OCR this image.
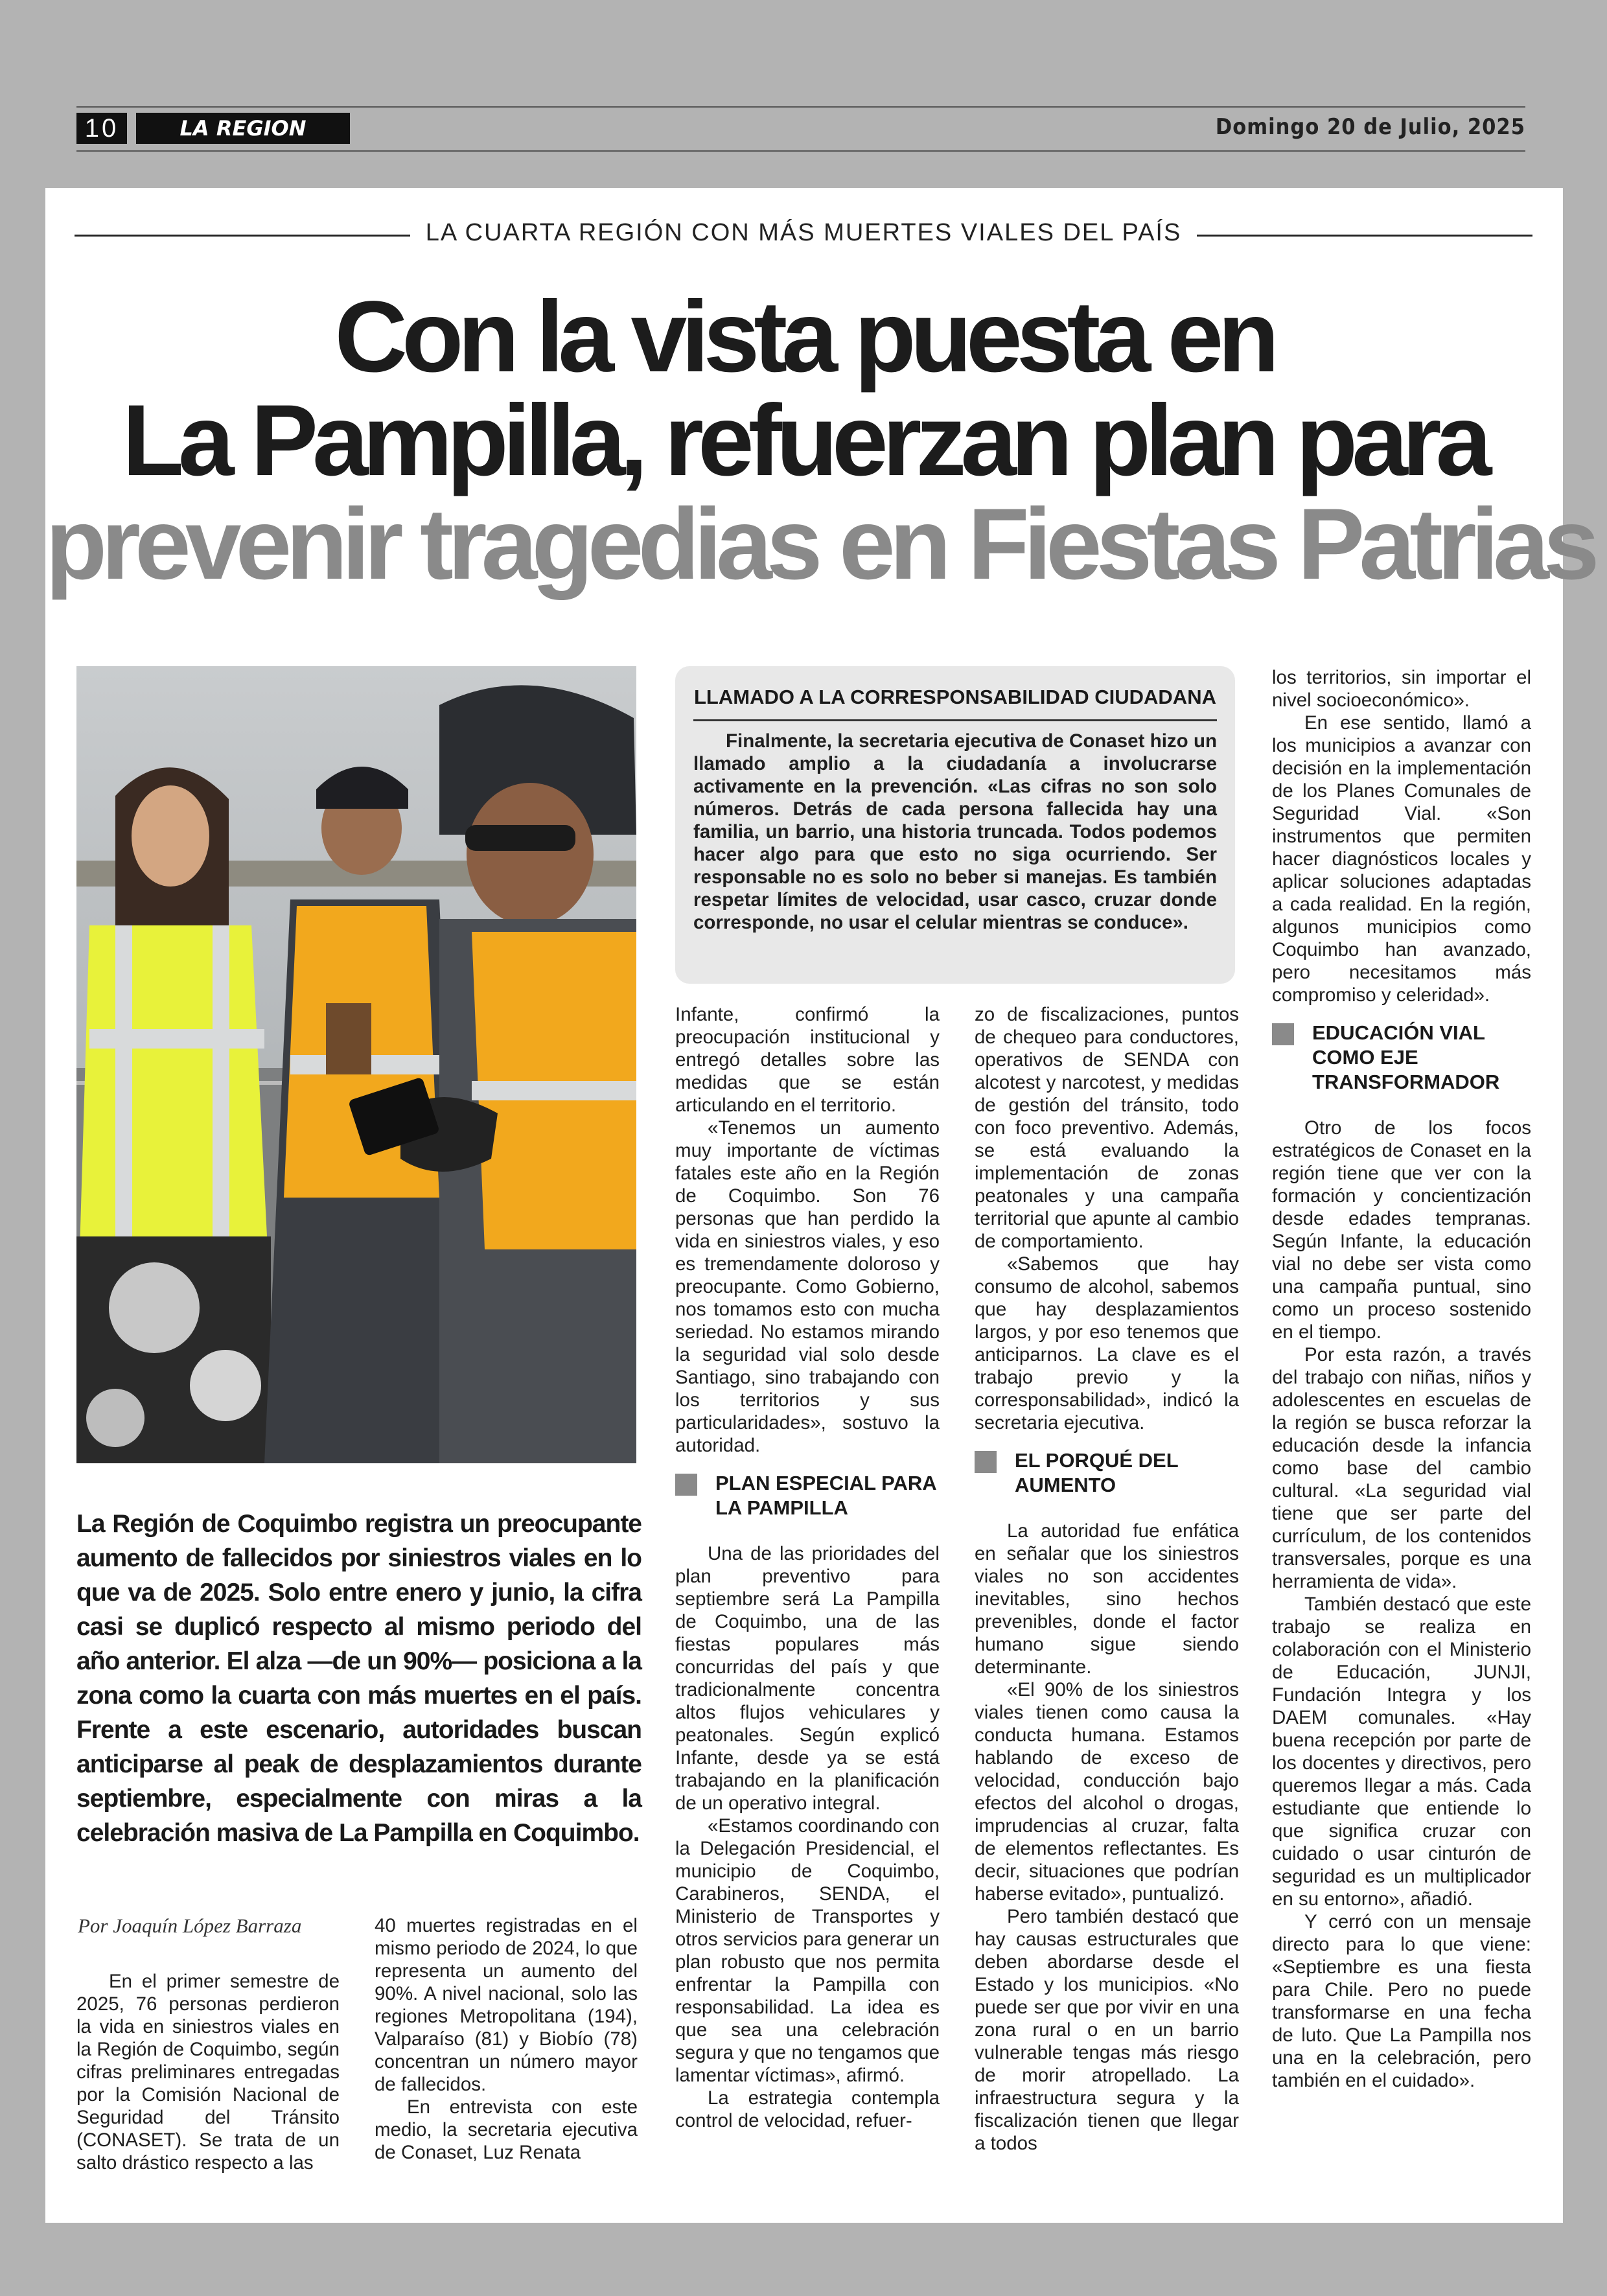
10	LA REGION	Domingo 20 de Julio, 2025
LA CUARTA REGIÓN CON MÁS MUERTES VIALES DEL PAÍS
Con la vista puesta en
La Pampilla, refuerzan plan para
prevenir tragedias en Fiestas Patrias
La Región de Coquimbo registra un preocupante aumento de fallecidos por siniestros viales en lo que va de 2025. Solo entre enero y junio, la cifra casi se duplicó respecto al mismo periodo del año anterior. El alza —de un 90%— posiciona a la zona como la cuarta con más muertes en el país. Frente a este escenario, autoridades buscan anticiparse al peak de desplazamientos durante septiembre, especialmente con miras a la celebración masiva de La Pampilla en Coquimbo.
Por Joaquín López Barraza

En el primer semestre de 2025, 76 personas perdieron la vida en siniestros viales en la Región de Coquimbo, según cifras preliminares entregadas por la Comisión Nacional de Seguridad del Tránsito (CONASET). Se trata de un salto drástico respecto a las

40 muertes registradas en el mismo periodo de 2024, lo que representa un aumento del 90%. A nivel nacional, solo las regiones Metropolitana (194), Valparaíso (81) y Biobío (78) concentran un número mayor de fallecidos.

En entrevista con este medio, la secretaria ejecutiva de Conaset, Luz Renata

LLAMADO A LA CORRESPONSABILIDAD CIUDADANA
Finalmente, la secretaria ejecutiva de Conaset hizo un llamado amplio a la ciudadanía a involucrarse activamente en la prevención. «Las cifras no son solo números. Detrás de cada persona fallecida hay una familia, un barrio, una historia truncada. Todos podemos hacer algo para que esto no siga ocurriendo. Ser responsable no es solo no beber si manejas. Es también respetar límites de velocidad, usar casco, cruzar donde corresponde, no usar el celular mientras se conduce».

Infante, confirmó la preocupación institucional y entregó detalles sobre las medidas que se están articulando en el territorio.

«Tenemos un aumento muy importante de víctimas fatales este año en la Región de Coquimbo. Son 76 personas que han perdido la vida en siniestros viales, y eso es tremendamente doloroso y preocupante. Como Gobierno, nos tomamos esto con mucha seriedad. No estamos mirando la seguridad vial solo desde Santiago, sino trabajando con los territorios y sus particularidades», sostuvo la autoridad.

PLAN ESPECIAL PARA LA PAMPILLA

Una de las prioridades del plan preventivo para septiembre será La Pampilla de Coquimbo, una de las fiestas populares más concurridas del país y que tradicionalmente concentra altos flujos vehiculares y peatonales. Según explicó Infante, desde ya se está trabajando en la planificación de un operativo integral.

«Estamos coordinando con la Delegación Presidencial, el municipio de Coquimbo, Carabineros, SENDA, el Ministerio de Transportes y otros servicios para generar un plan robusto que nos permita enfrentar la Pampilla con responsabilidad. La idea es que sea una celebración segura y que no tengamos que lamentar víctimas», afirmó.

La estrategia contempla control de velocidad, refuer-

zo de fiscalizaciones, puntos de chequeo para conductores, operativos de SENDA con alcotest y narcotest, y medidas de gestión del tránsito, todo con foco preventivo. Además, se está evaluando la implementación de zonas peatonales y una campaña territorial que apunte al cambio de comportamiento.

«Sabemos que hay consumo de alcohol, sabemos que hay desplazamientos largos, y por eso tenemos que anticiparnos. La clave es el trabajo previo y la corresponsabilidad», indicó la secretaria ejecutiva.

EL PORQUÉ DEL AUMENTO

La autoridad fue enfática en señalar que los siniestros viales no son accidentes inevitables, sino hechos prevenibles, donde el factor humano sigue siendo determinante.

«El 90% de los siniestros viales tienen como causa la conducta humana. Estamos hablando de exceso de velocidad, conducción bajo efectos del alcohol o drogas, imprudencias al cruzar, falta de elementos reflectantes. Es decir, situaciones que podrían haberse evitado», puntualizó.

Pero también destacó que hay causas estructurales que deben abordarse desde el Estado y los municipios. «No puede ser que por vivir en una zona rural o en un barrio vulnerable tengas más riesgo de morir atropellado. La infraestructura segura y la fiscalización tienen que llegar a todos

los territorios, sin importar el nivel socioeconómico».

En ese sentido, llamó a los municipios a avanzar con decisión en la implementación de los Planes Comunales de Seguridad Vial. «Son instrumentos que permiten hacer diagnósticos locales y aplicar soluciones adaptadas a cada realidad. En la región, algunos municipios como Coquimbo han avanzado, pero necesitamos más compromiso y celeridad».

EDUCACIÓN VIAL COMO EJE TRANSFORMADOR

Otro de los focos estratégicos de Conaset en la región tiene que ver con la formación y concientización desde edades tempranas. Según Infante, la educación vial no debe ser vista como una campaña puntual, sino como un proceso sostenido en el tiempo.

Por esta razón, a través del trabajo con niñas, niños y adolescentes en escuelas de la región se busca reforzar la educación desde la infancia como base del cambio cultural. «La seguridad vial tiene que ser parte del currículum, de los contenidos transversales, porque es una herramienta de vida».

También destacó que este trabajo se realiza en colaboración con el Ministerio de Educación, JUNJI, Fundación Integra y los DAEM comunales. «Hay buena recepción por parte de los docentes y directivos, pero queremos llegar a más. Cada estudiante que entiende lo que significa cruzar con cuidado o usar cinturón de seguridad es un multiplicador en su entorno», añadió.

Y cerró con un mensaje directo para lo que viene: «Septiembre es una fiesta para Chile. Pero no puede transformarse en una fecha de luto. Que La Pampilla nos una en la celebración, pero también en el cuidado».
